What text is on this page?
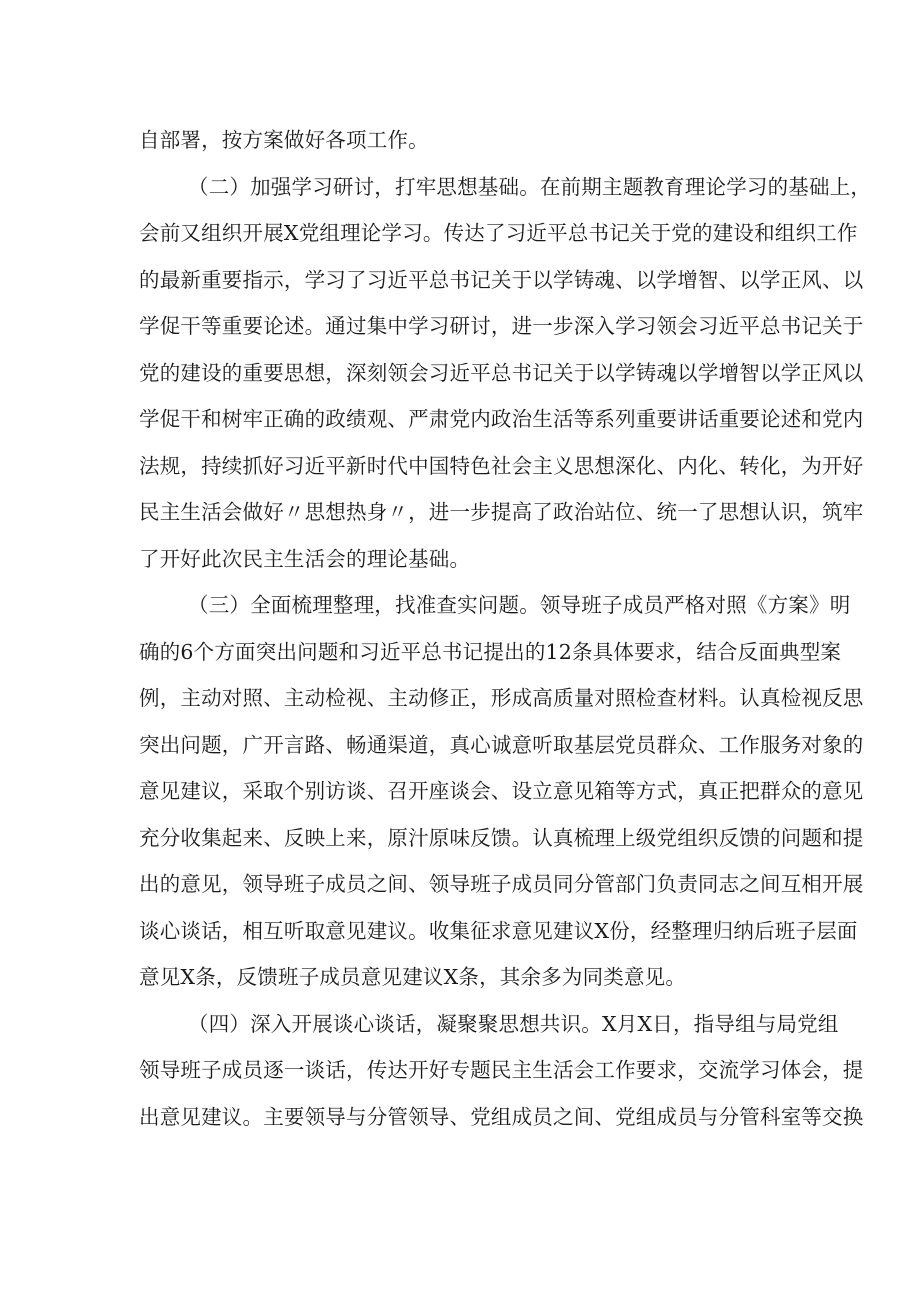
自部署，按方案做好各项工作。
（二）加强学习研讨，打牢思想基础。在前期主题教育理论学习的基础上，
会前又组织开展X党组理论学习。传达了习近平总书记关于党的建设和组织工作
的最新重要指示，学习了习近平总书记关于以学铸魂、以学增智、以学正风、以
学促干等重要论述。通过集中学习研讨，进一步深入学习领会习近平总书记关于
党的建设的重要思想，深刻领会习近平总书记关于以学铸魂以学增智以学正风以
学促干和树牢正确的政绩观、严肃党内政治生活等系列重要讲话重要论述和党内
法规，持续抓好习近平新时代中国特色社会主义思想深化、内化、转化，为开好
民主生活会做好〃思想热身〃，进一步提高了政治站位、统一了思想认识，筑牢
了开好此次民主生活会的理论基础。
（三）全面梳理整理，找准查实问题。领导班子成员严格对照《方案》明
确的6个方面突出问题和习近平总书记提出的12条具体要求，结合反面典型案
例，主动对照、主动检视、主动修正，形成高质量对照检查材料。认真检视反思
突出问题，广开言路、畅通渠道，真心诚意听取基层党员群众、工作服务对象的
意见建议，采取个别访谈、召开座谈会、设立意见箱等方式，真正把群众的意见
充分收集起来、反映上来，原汁原味反馈。认真梳理上级党组织反馈的问题和提
出的意见，领导班子成员之间、领导班子成员同分管部门负责同志之间互相开展
谈心谈话，相互听取意见建议。收集征求意见建议X份，经整理归纳后班子层面
意见X条，反馈班子成员意见建议X条，其余多为同类意见。
（四）深入开展谈心谈话，凝聚聚思想共识。X月X日，指导组与局党组
领导班子成员逐一谈话，传达开好专题民主生活会工作要求，交流学习体会，提
出意见建议。主要领导与分管领导、党组成员之间、党组成员与分管科室等交换
